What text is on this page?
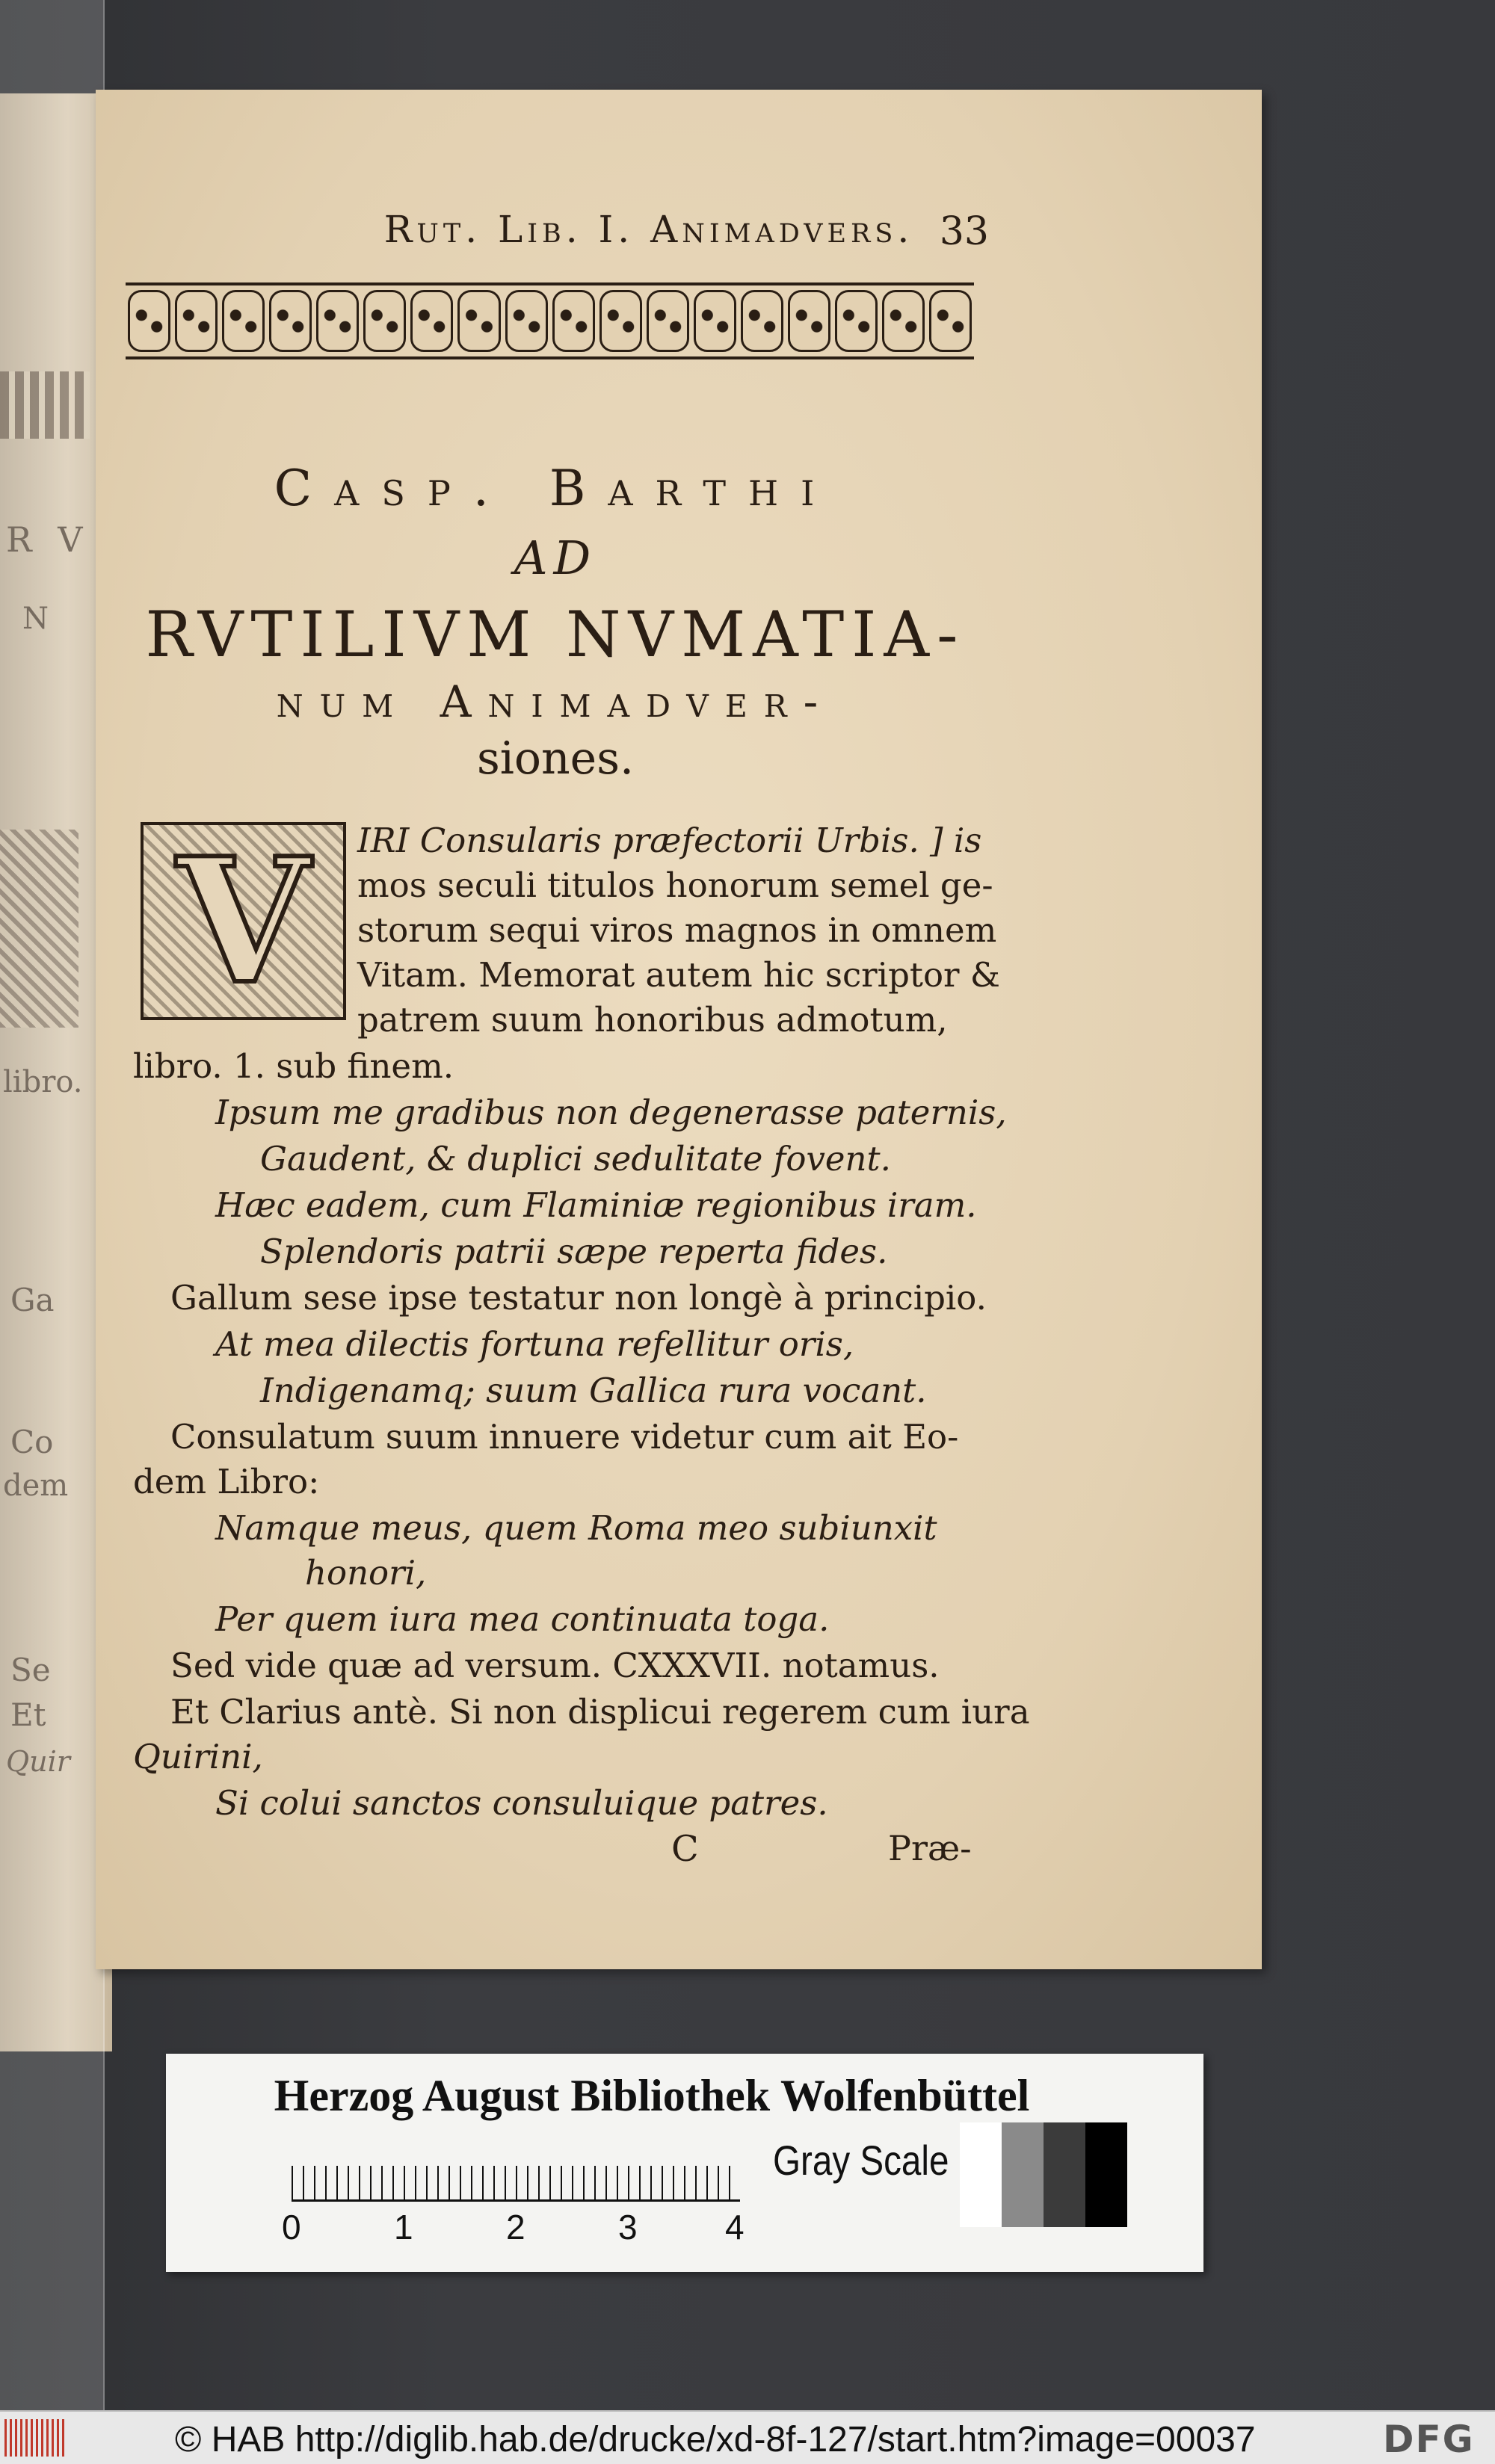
R V
N
libro.
Ga
Co
dem
Se
Et
Quir
Rut. Lib. I. Animadvers. 33
Casp. Barthi
AD
RVTILIVM NVMATIA-
num Animadver-
siones.
V IRI Consularis præfectorii Urbis. ] is
mos seculi titulos honorum semel ge-
storum sequi viros magnos in omnem
Vitam. Memorat autem hic scriptor &
patrem suum honoribus admotum,
libro. 1. sub finem.
Ipsum me gradibus non degenerasse paternis,
Gaudent, & duplici sedulitate fovent.
Hæc eadem, cum Flaminiæ regionibus iram.
Splendoris patrii sæpe reperta fides.
Gallum sese ipse testatur non longè à principio.
At mea dilectis fortuna refellitur oris,
Indigenamq; suum Gallica rura vocant.
Consulatum suum innuere videtur cum ait Eo-
dem Libro:
Namque meus, quem Roma meo subiunxit
honori,
Per quem iura mea continuata toga.
Sed vide quæ ad versum. CXXXVII. notamus.
Et Clarius antè. Si non displicui regerem cum iura
Quirini,
Si colui sanctos consuluique patres.
C	Præ-
Herzog August Bibliothek Wolfenbüttel
0	1	2	3	4
Gray Scale
© HAB http://diglib.hab.de/drucke/xd-8f-127/start.htm?image=00037	DFG
